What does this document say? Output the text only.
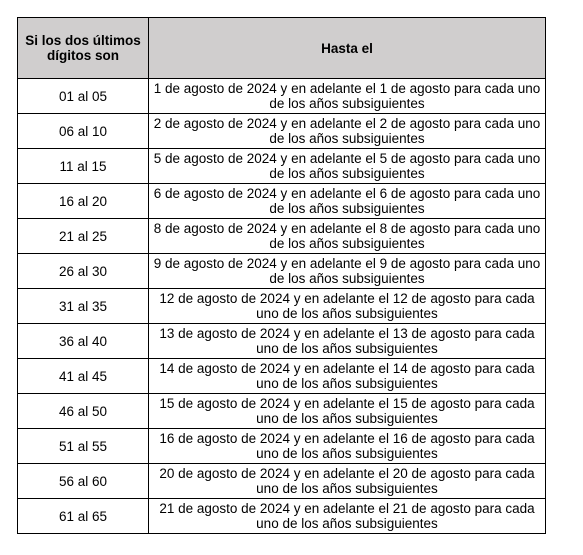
Si los dos últimos dígitos son	Hasta el
01 al 05	1 de agosto de 2024 y en adelante el 1 de agosto para cada uno de los años subsiguientes
06 al 10	2 de agosto de 2024 y en adelante el 2 de agosto para cada uno de los años subsiguientes
11 al 15	5 de agosto de 2024 y en adelante el 5 de agosto para cada uno de los años subsiguientes
16 al 20	6 de agosto de 2024 y en adelante el 6 de agosto para cada uno de los años subsiguientes
21 al 25	8 de agosto de 2024 y en adelante el 8 de agosto para cada uno de los años subsiguientes
26 al 30	9 de agosto de 2024 y en adelante el 9 de agosto para cada uno de los años subsiguientes
31 al 35	12 de agosto de 2024 y en adelante el 12 de agosto para cada uno de los años subsiguientes
36 al 40	13 de agosto de 2024 y en adelante el 13 de agosto para cada uno de los años subsiguientes
41 al 45	14 de agosto de 2024 y en adelante el 14 de agosto para cada uno de los años subsiguientes
46 al 50	15 de agosto de 2024 y en adelante el 15 de agosto para cada uno de los años subsiguientes
51 al 55	16 de agosto de 2024 y en adelante el 16 de agosto para cada uno de los años subsiguientes
56 al 60	20 de agosto de 2024 y en adelante el 20 de agosto para cada uno de los años subsiguientes
61 al 65	21 de agosto de 2024 y en adelante el 21 de agosto para cada uno de los años subsiguientes
